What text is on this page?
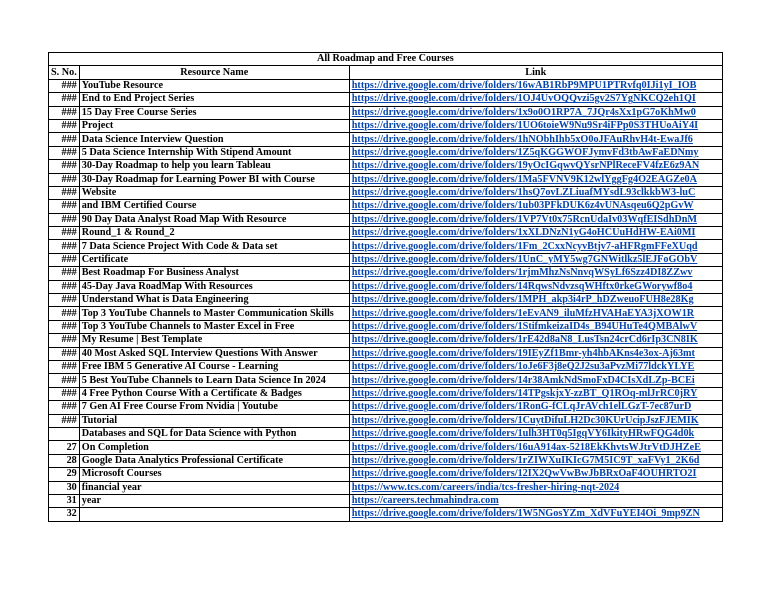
All Roadmap and Free Courses		
S. No.	Resource Name	Link
###	YouTube Resource	https://drive.google.com/drive/folders/16wAB1RbP9MPU1PTRvfq0IJi1yI_IOB
###	End to End Project Series	https://drive.google.com/drive/folders/1OJ4UvOQQvzi5gv2S7YgNKCQ2eh1QI
###	15 Day Free Course Series	https://drive.google.com/drive/folders/1x9o0O1RP7A_7JQr4sXx1pG7oKhMw0
###	Project	https://drive.google.com/drive/folders/1UO6toieW9Nu9Sr4iFPp0S3THUoAiY4I
###	Data Science Interview Question	https://drive.google.com/drive/folders/1hNObhIhb5xO0oJFAuRhvH4t-EwaJf6
###	5 Data Science Internship With Stipend Amount	https://drive.google.com/drive/folders/1Z5qKGGWOFJymvFd3tbAwFaEDNmy
###	30-Day Roadmap to help you learn Tableau	https://drive.google.com/drive/folders/19yOcIGqwvQYsrNPlReceFV4fzE6z9AN
###	30-Day Roadmap for Learning Power BI with Course	https://drive.google.com/drive/folders/1Ma5FVNV9K12wlYggFg4O2EAGZe0A
###	Website	https://drive.google.com/drive/folders/1hsQ7ovLZLiuafMYsdL93clkkbW3-luC
###	and IBM Certified Course	https://drive.google.com/drive/folders/1ub03PFkDUK6z4vUNAsqeu6Q2pGvW
###	90 Day Data Analyst Road Map With Resource	https://drive.google.com/drive/folders/1VP7Vt0x75RcnUdaIv03WqfEISdhDnM
###	Round_1 & Round_2	https://drive.google.com/drive/folders/1xXLDNzN1yG4oHCUuHdHW-EAi0MI
###	7 Data Science Project With Code & Data set	https://drive.google.com/drive/folders/1Fm_2CxxNcyvBtjv7-aHFRgmFFeXUqd
###	Certificate	https://drive.google.com/drive/folders/1UnC_yMY5wg7GNWitlkz5lEJFoGObV
###	Best Roadmap For Business Analyst	https://drive.google.com/drive/folders/1rjmMhzNsNnvqWSyLf6Szz4DI8ZZwv
###	45-Day Java RoadMap With Resources	https://drive.google.com/drive/folders/14RqwsNdvzsqWHftx0rkeGWorywf8o4
###	Understand What is Data Engineering	https://drive.google.com/drive/folders/1MPH_akp3i4rP_hDZweuoFUH8e28Kg
###	Top 3 YouTube Channels to Master Communication Skills	https://drive.google.com/drive/folders/1eEvAN9_iluMfzHVAHaEYA3jXOW1R
###	Top 3 YouTube Channels to Master Excel in Free	https://drive.google.com/drive/folders/1StifmkeizaID4s_B94UHuTe4QMBAlwV
###	My Resume | Best Template	https://drive.google.com/drive/folders/1rE42d8aN8_LusTsn24crCd6rIp3CN8IK
###	40 Most Asked SQL Interview Questions With Answer	https://drive.google.com/drive/folders/19IEyZf1Bmr-yh4hbAKns4e3ox-Aj63mt
###	Free IBM 5 Generative AI Course - Learning	https://drive.google.com/drive/folders/1oJe6F3j8eQ2J2su3aPvzMi77ldckYLYE
###	5 Best YouTube Channels to Learn Data Science In 2024	https://drive.google.com/drive/folders/14r38AmkNdSmoFxD4CIsXdLZp-BCEi
###	4 Free Python Course With a Certificate & Badges	https://drive.google.com/drive/folders/14TPgskjxY-zzBT_Q1ROq-mlJrRC0jRY
###	7 Gen AI Free Course From Nvidia | Youtube	https://drive.google.com/drive/folders/1RonG-fCLqJrAVch1elLGzT-7ec87urD
###	Tutorial	https://drive.google.com/drive/folders/1CuytDifuLH2Dc30KUrUcipJszFJEMIK
	Databases and SQL for Data Science with Python	https://drive.google.com/drive/folders/1ulh3HT0q5IgqVY6IkityHRwFQG4d0k
27	On Completion	https://drive.google.com/drive/folders/16uA914ax-5218EkKhvtsWJtrVtDJHZeE
28	Google Data Analytics Professional Certificate	https://drive.google.com/drive/folders/1rZIWXuIKIcG7M5IC9T_xaFVy1_2K6d
29	Microsoft Courses	https://drive.google.com/drive/folders/12IX2QwVwBwJbBRxOaF4OUHRTO2I
30	financial year	https://www.tcs.com/careers/india/tcs-fresher-hiring-nqt-2024
31	year	https://careers.techmahindra.com
32		https://drive.google.com/drive/folders/1W5NGosYZm_XdVFuYEI4Oi_9mp9ZN
